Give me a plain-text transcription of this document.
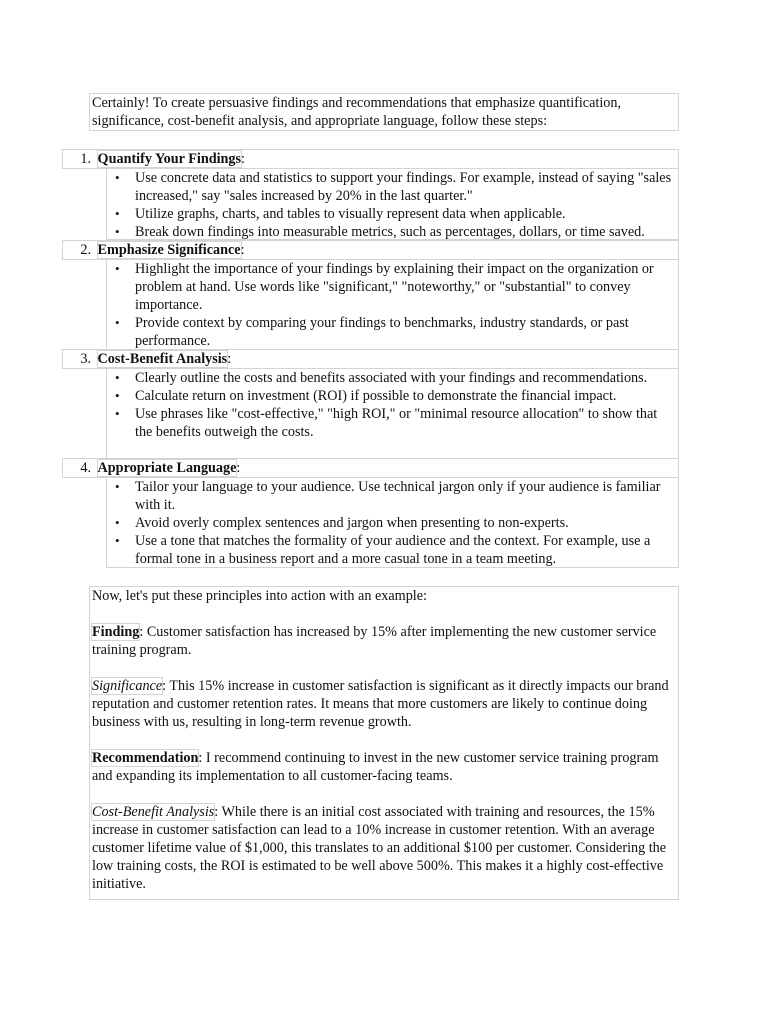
Certainly! To create persuasive findings and recommendations that emphasize quantification, significance, cost-benefit analysis, and appropriate language, follow these steps:
1. Quantify Your Findings:
• Use concrete data and statistics to support your findings. For example, instead of saying "sales increased," say "sales increased by 20% in the last quarter."
• Utilize graphs, charts, and tables to visually represent data when applicable.
• Break down findings into measurable metrics, such as percentages, dollars, or time saved.
2. Emphasize Significance:
• Highlight the importance of your findings by explaining their impact on the organization or problem at hand. Use words like "significant," "noteworthy," or "substantial" to convey importance.
• Provide context by comparing your findings to benchmarks, industry standards, or past performance.
3. Cost-Benefit Analysis:
• Clearly outline the costs and benefits associated with your findings and recommendations.
• Calculate return on investment (ROI) if possible to demonstrate the financial impact.
• Use phrases like "cost-effective," "high ROI," or "minimal resource allocation" to show that the benefits outweigh the costs.
4. Appropriate Language:
• Tailor your language to your audience. Use technical jargon only if your audience is familiar with it.
• Avoid overly complex sentences and jargon when presenting to non-experts.
• Use a tone that matches the formality of your audience and the context. For example, use a formal tone in a business report and a more casual tone in a team meeting.

Now, let's put these principles into action with an example:

Finding: Customer satisfaction has increased by 15% after implementing the new customer service training program.

Significance: This 15% increase in customer satisfaction is significant as it directly impacts our brand reputation and customer retention rates. It means that more customers are likely to continue doing business with us, resulting in long-term revenue growth.

Recommendation: I recommend continuing to invest in the new customer service training program and expanding its implementation to all customer-facing teams.

Cost-Benefit Analysis: While there is an initial cost associated with training and resources, the 15% increase in customer satisfaction can lead to a 10% increase in customer retention. With an average customer lifetime value of $1,000, this translates to an additional $100 per customer. Considering the low training costs, the ROI is estimated to be well above 500%. This makes it a highly cost-effective initiative.
